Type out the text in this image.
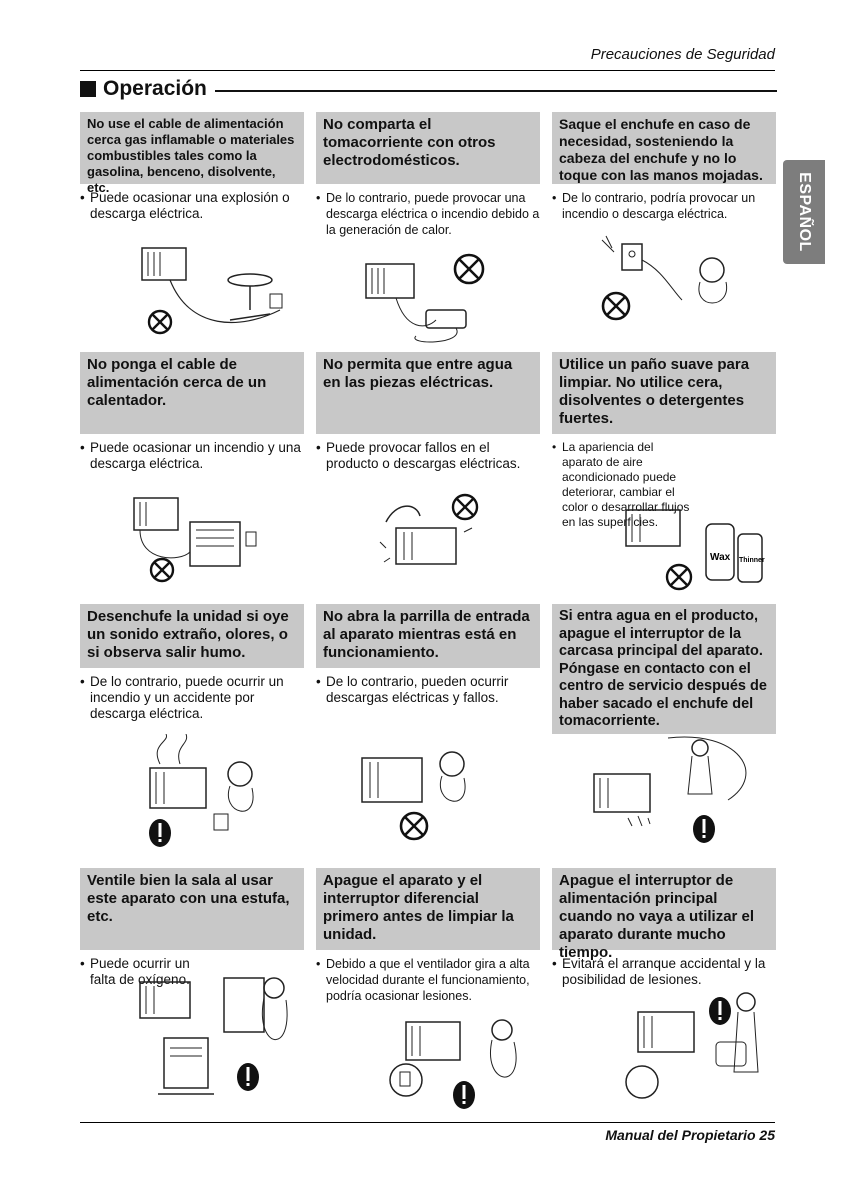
Precauciones de Seguridad
Operación
ESPAÑOL
No use el cable de alimentación cerca gas inflamable o materiales combustibles tales como la gasolina, benceno, disolvente, etc.
• Puede ocasionar una explosión o descarga eléctrica.
No comparta el tomacorriente con otros electrodomésticos.
• De lo contrario, puede provocar una descarga eléctrica o incendio debido a la generación de calor.
Saque el enchufe en caso de necesidad, sosteniendo la cabeza del enchufe y no lo toque con las manos mojadas.
• De lo contrario, podría provocar un incendio o descarga eléctrica.
No ponga el cable de alimentación cerca de un calentador.
• Puede ocasionar un incendio y una descarga eléctrica.
No permita que entre agua en las piezas eléctricas.
• Puede provocar fallos en el producto o descargas eléctricas.
Utilice un paño suave para limpiar. No utilice cera, disolventes o detergentes fuertes.
• La apariencia del aparato de aire acondicionado puede deteriorar, cambiar el color o desarrollar flujos en las superficies.
Wax Thinner
Desenchufe la unidad si oye un sonido extraño, olores, o si observa salir humo.
• De lo contrario, puede ocurrir un incendio y un accidente por descarga eléctrica.
No abra la parrilla de entrada al aparato mientras está en funcionamiento.
• De lo contrario, pueden ocurrir descargas eléctricas y fallos.
Si entra agua en el producto, apague el interruptor de la carcasa principal del aparato. Póngase en contacto con el centro de servicio después de haber sacado el enchufe del tomacorriente.
Ventile bien la sala al usar este aparato con una estufa, etc.
• Puede ocurrir un falta de oxígeno.
Apague el aparato y el interruptor diferencial primero antes de limpiar la unidad.
• Debido a que el ventilador gira a alta velocidad durante el funcionamiento, podría ocasionar lesiones.
Apague el interruptor de alimentación principal cuando no vaya a utilizar el aparato durante mucho tiempo.
• Evitará el arranque accidental y la posibilidad de lesiones.
Manual del Propietario 25
